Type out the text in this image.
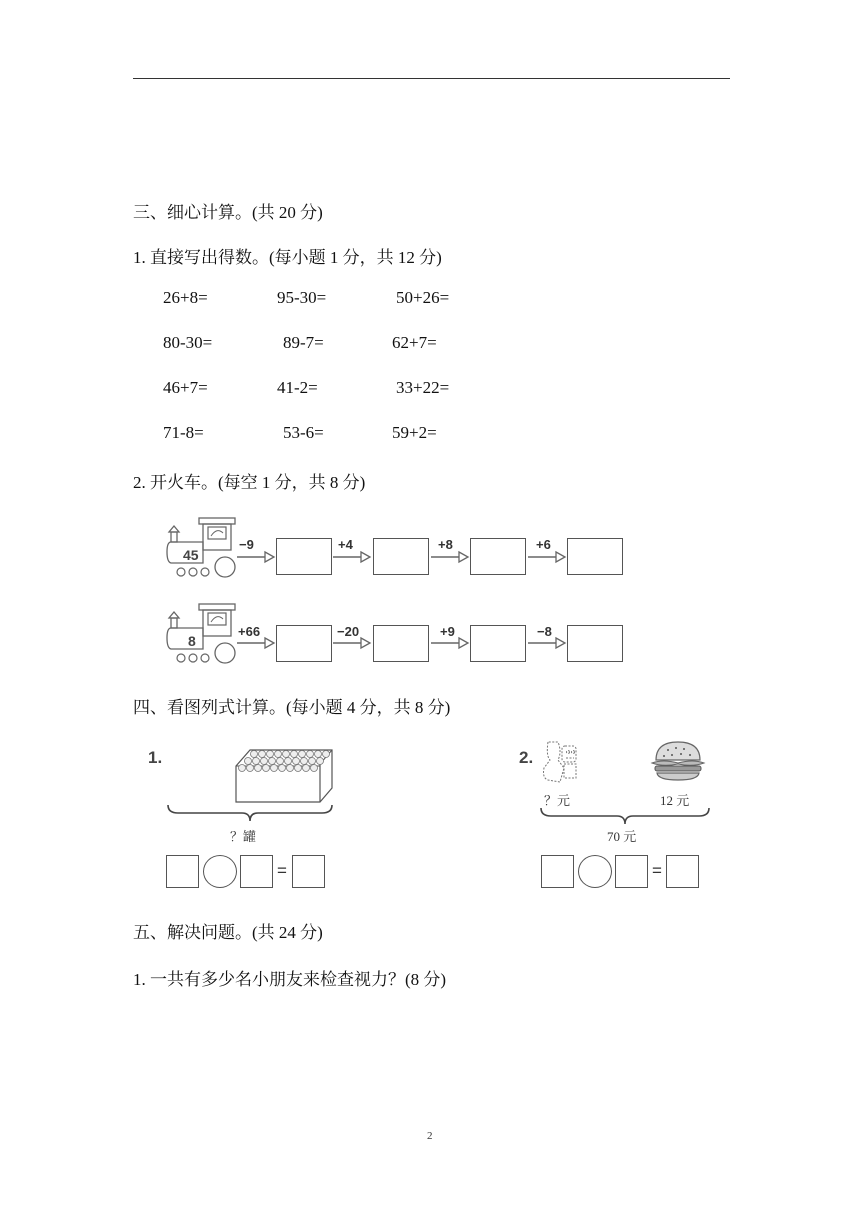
三、细心计算。(共 20 分)
1. 直接写出得数。(每小题 1 分，共 12 分)
26+8=	95-30=	50+26=
80-30=	89-7=	62+7=
46+7=	41-2=	33+22=
71-8=	53-6=	59+2=
2. 开火车。(每空 1 分，共 8 分)
45
−9	+4	+8	+6
8
+66	−20	+9	−8
四、看图列式计算。(每小题 4 分，共 8 分)
1.
？罐
=
2.
？元	12 元
70 元
=
五、解决问题。(共 24 分)
1. 一共有多少名小朋友来检查视力？(8 分)
2
